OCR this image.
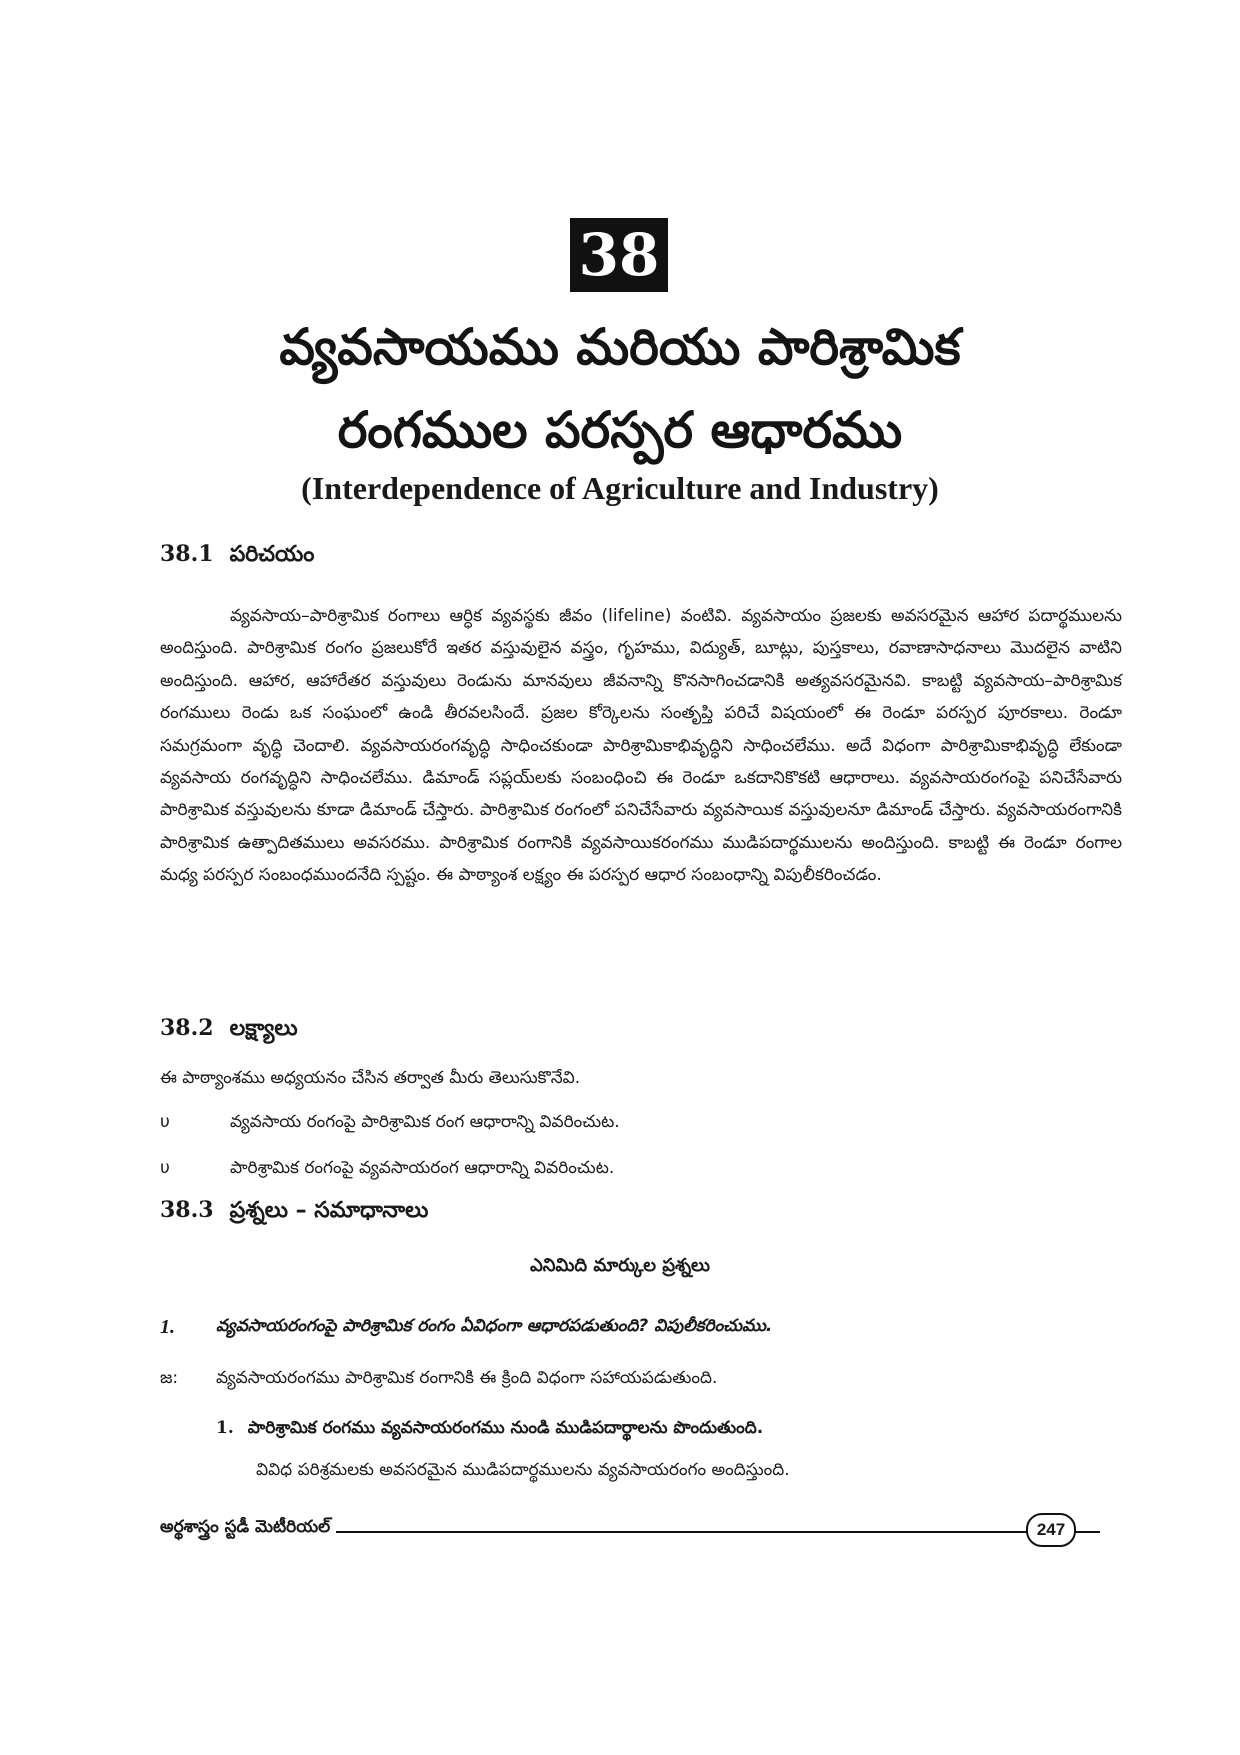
38
వ్యవసాయము మరియు పారిశ్రామిక
రంగముల పరస్పర ఆధారము
(Interdependence of Agriculture and Industry)
38.1 పరిచయం

వ్యవసాయ–పారిశ్రామిక రంగాలు ఆర్ధిక వ్యవస్థకు జీవం (lifeline) వంటివి. వ్యవసాయం ప్రజలకు అవసరమైన ఆహార పదార్థములను అందిస్తుంది. పారిశ్రామిక రంగం ప్రజలుకోరే ఇతర వస్తువులైన వస్త్రం, గృహము, విద్యుత్, బూట్లు, పుస్తకాలు, రవాణాసాధనాలు మొదలైన వాటిని అందిస్తుంది. ఆహార, ఆహారేతర వస్తువులు రెండును మానవులు జీవనాన్ని కొనసాగించడానికి అత్యవసరమైనవి. కాబట్టి వ్యవసాయ–పారిశ్రామిక రంగములు రెండు ఒక సంఘంలో ఉండి తీరవలసిందే. ప్రజల కోర్కెలను సంతృప్తి పరిచే విషయంలో ఈ రెండూ పరస్పర పూరకాలు. రెండూ సమగ్రమంగా వృద్ధి చెందాలి. వ్యవసాయరంగవృద్ధి సాధించకుండా పారిశ్రామికాభివృద్ధిని సాధించలేము. అదే విధంగా పారిశ్రామికాభివృద్ధి లేకుండా వ్యవసాయ రంగవృద్ధిని సాధించలేము. డిమాండ్ సప్లయ్‌లకు సంబంధించి ఈ రెండూ ఒకదానికొకటి ఆధారాలు. వ్యవసాయరంగంపై పనిచేసేవారు పారిశ్రామిక వస్తువులను కూడా డిమాండ్ చేస్తారు. పారిశ్రామిక రంగంలో పనిచేసేవారు వ్యవసాయిక వస్తువులనూ డిమాండ్ చేస్తారు. వ్యవసాయరంగానికి పారిశ్రామిక ఉత్పాదితములు అవసరము. పారిశ్రామిక రంగానికి వ్యవసాయికరంగము ముడిపదార్థములను అందిస్తుంది. కాబట్టి ఈ రెండూ రంగాల మధ్య పరస్పర సంబంధముందనేది స్పష్టం. ఈ పాఠ్యాంశ లక్ష్యం ఈ పరస్పర ఆధార సంబంధాన్ని విపులీకరించడం.

38.2 లక్ష్యాలు
ఈ పాఠ్యాంశము అధ్యయనం చేసిన తర్వాత మీరు తెలుసుకొనేవి.
υ	వ్యవసాయ రంగంపై పారిశ్రామిక రంగ ఆధారాన్ని వివరించుట.
υ	పారిశ్రామిక రంగంపై వ్యవసాయరంగ ఆధారాన్ని వివరించుట.
38.3 ప్రశ్నలు – సమాధానాలు
ఎనిమిది మార్కుల ప్రశ్నలు
1. వ్యవసాయరంగంపై పారిశ్రామిక రంగం ఏవిధంగా ఆధారపడుతుంది? విపులీకరించుము.
జ: వ్యవసాయరంగము పారిశ్రామిక రంగానికి ఈ క్రింది విధంగా సహాయపడుతుంది.
1. పారిశ్రామిక రంగము వ్యవసాయరంగము నుండి ముడిపదార్థాలను పొందుతుంది.
వివిధ పరిశ్రమలకు అవసరమైన ముడిపదార్థములను వ్యవసాయరంగం అందిస్తుంది.
అర్థశాస్త్రం స్టడీ మెటీరియల్	247
